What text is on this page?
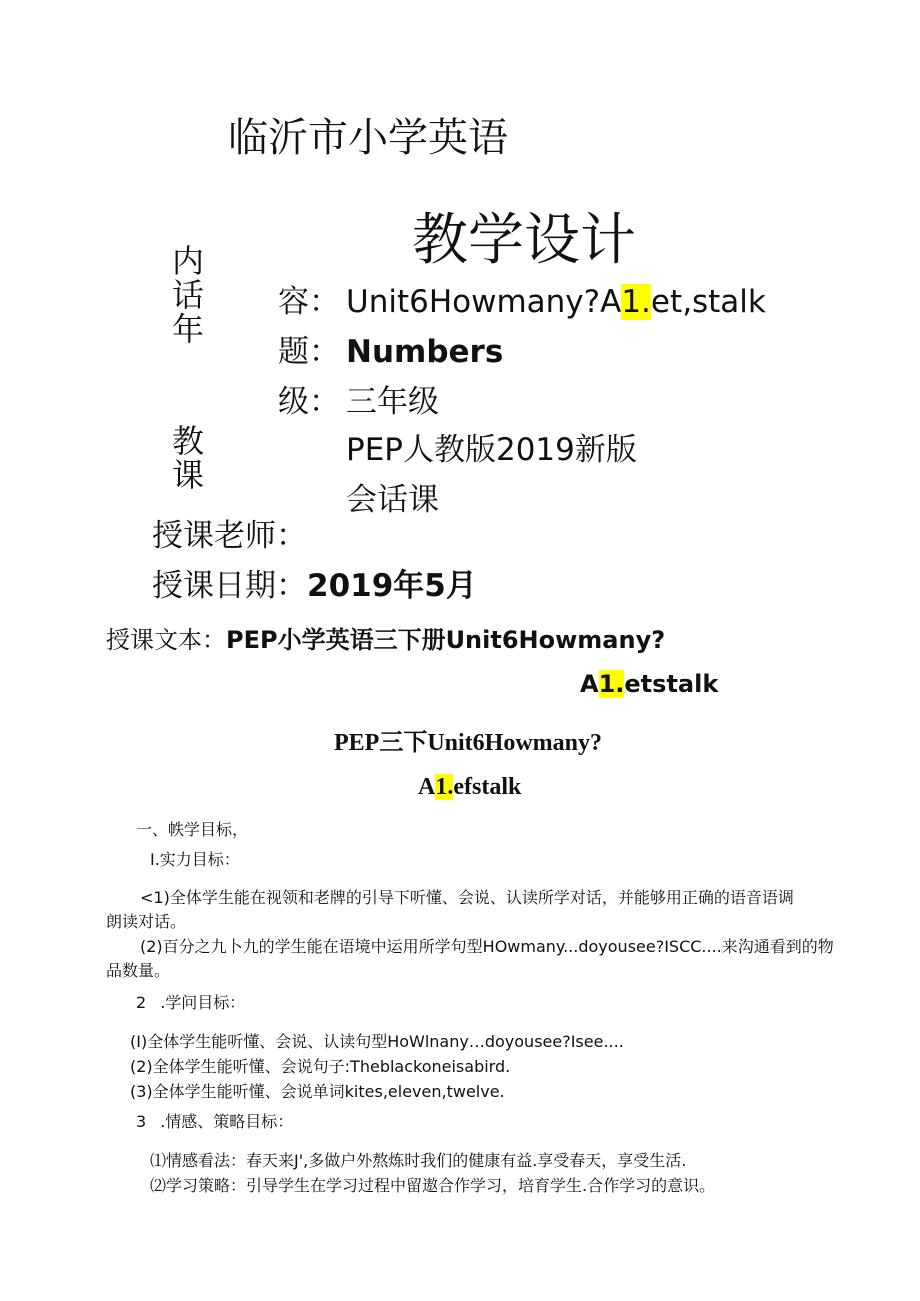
临沂市小学英语
教学设计
内
话
年
教
课
容： Unit6Howmany?A1.et‚stalk
题： Numbers
级： 三年级
PEP人教版2019新版
会话课
授课老师：
授课日期：2019年5月
授课文本：PEP小学英语三下册Unit6Howmany?
A1.etstalk
PEP三下Unit6Howmany?
A1.efstalk
一、帙学目标，
I.实力目标：
<1)全体学生能在视领和老牌的引导下听懂、会说、认读所学对话，并能够用正确的语音语调
朗读对话。
(2)百分之九卜九的学生能在语境中运用所学句型HOwmany...doyousee?ISCC....来沟通看到的物
品数量。
2 .学问目标：
(I)全体学生能听懂、会说、认读句型HoWlnany…doyousee?Isee....
(2)全体学生能听懂、会说句子:Theblackoneisabird.
(3)全体学生能听懂、会说单词kites,eleven,twelve.
3 .情感、策略目标：
⑴情感看法：春天来J',多做户外熬炼时我们的健康有益.享受春天，享受生活.
⑵学习策略：引导学生在学习过程中留遨合作学习，培育学生.合作学习的意识。
